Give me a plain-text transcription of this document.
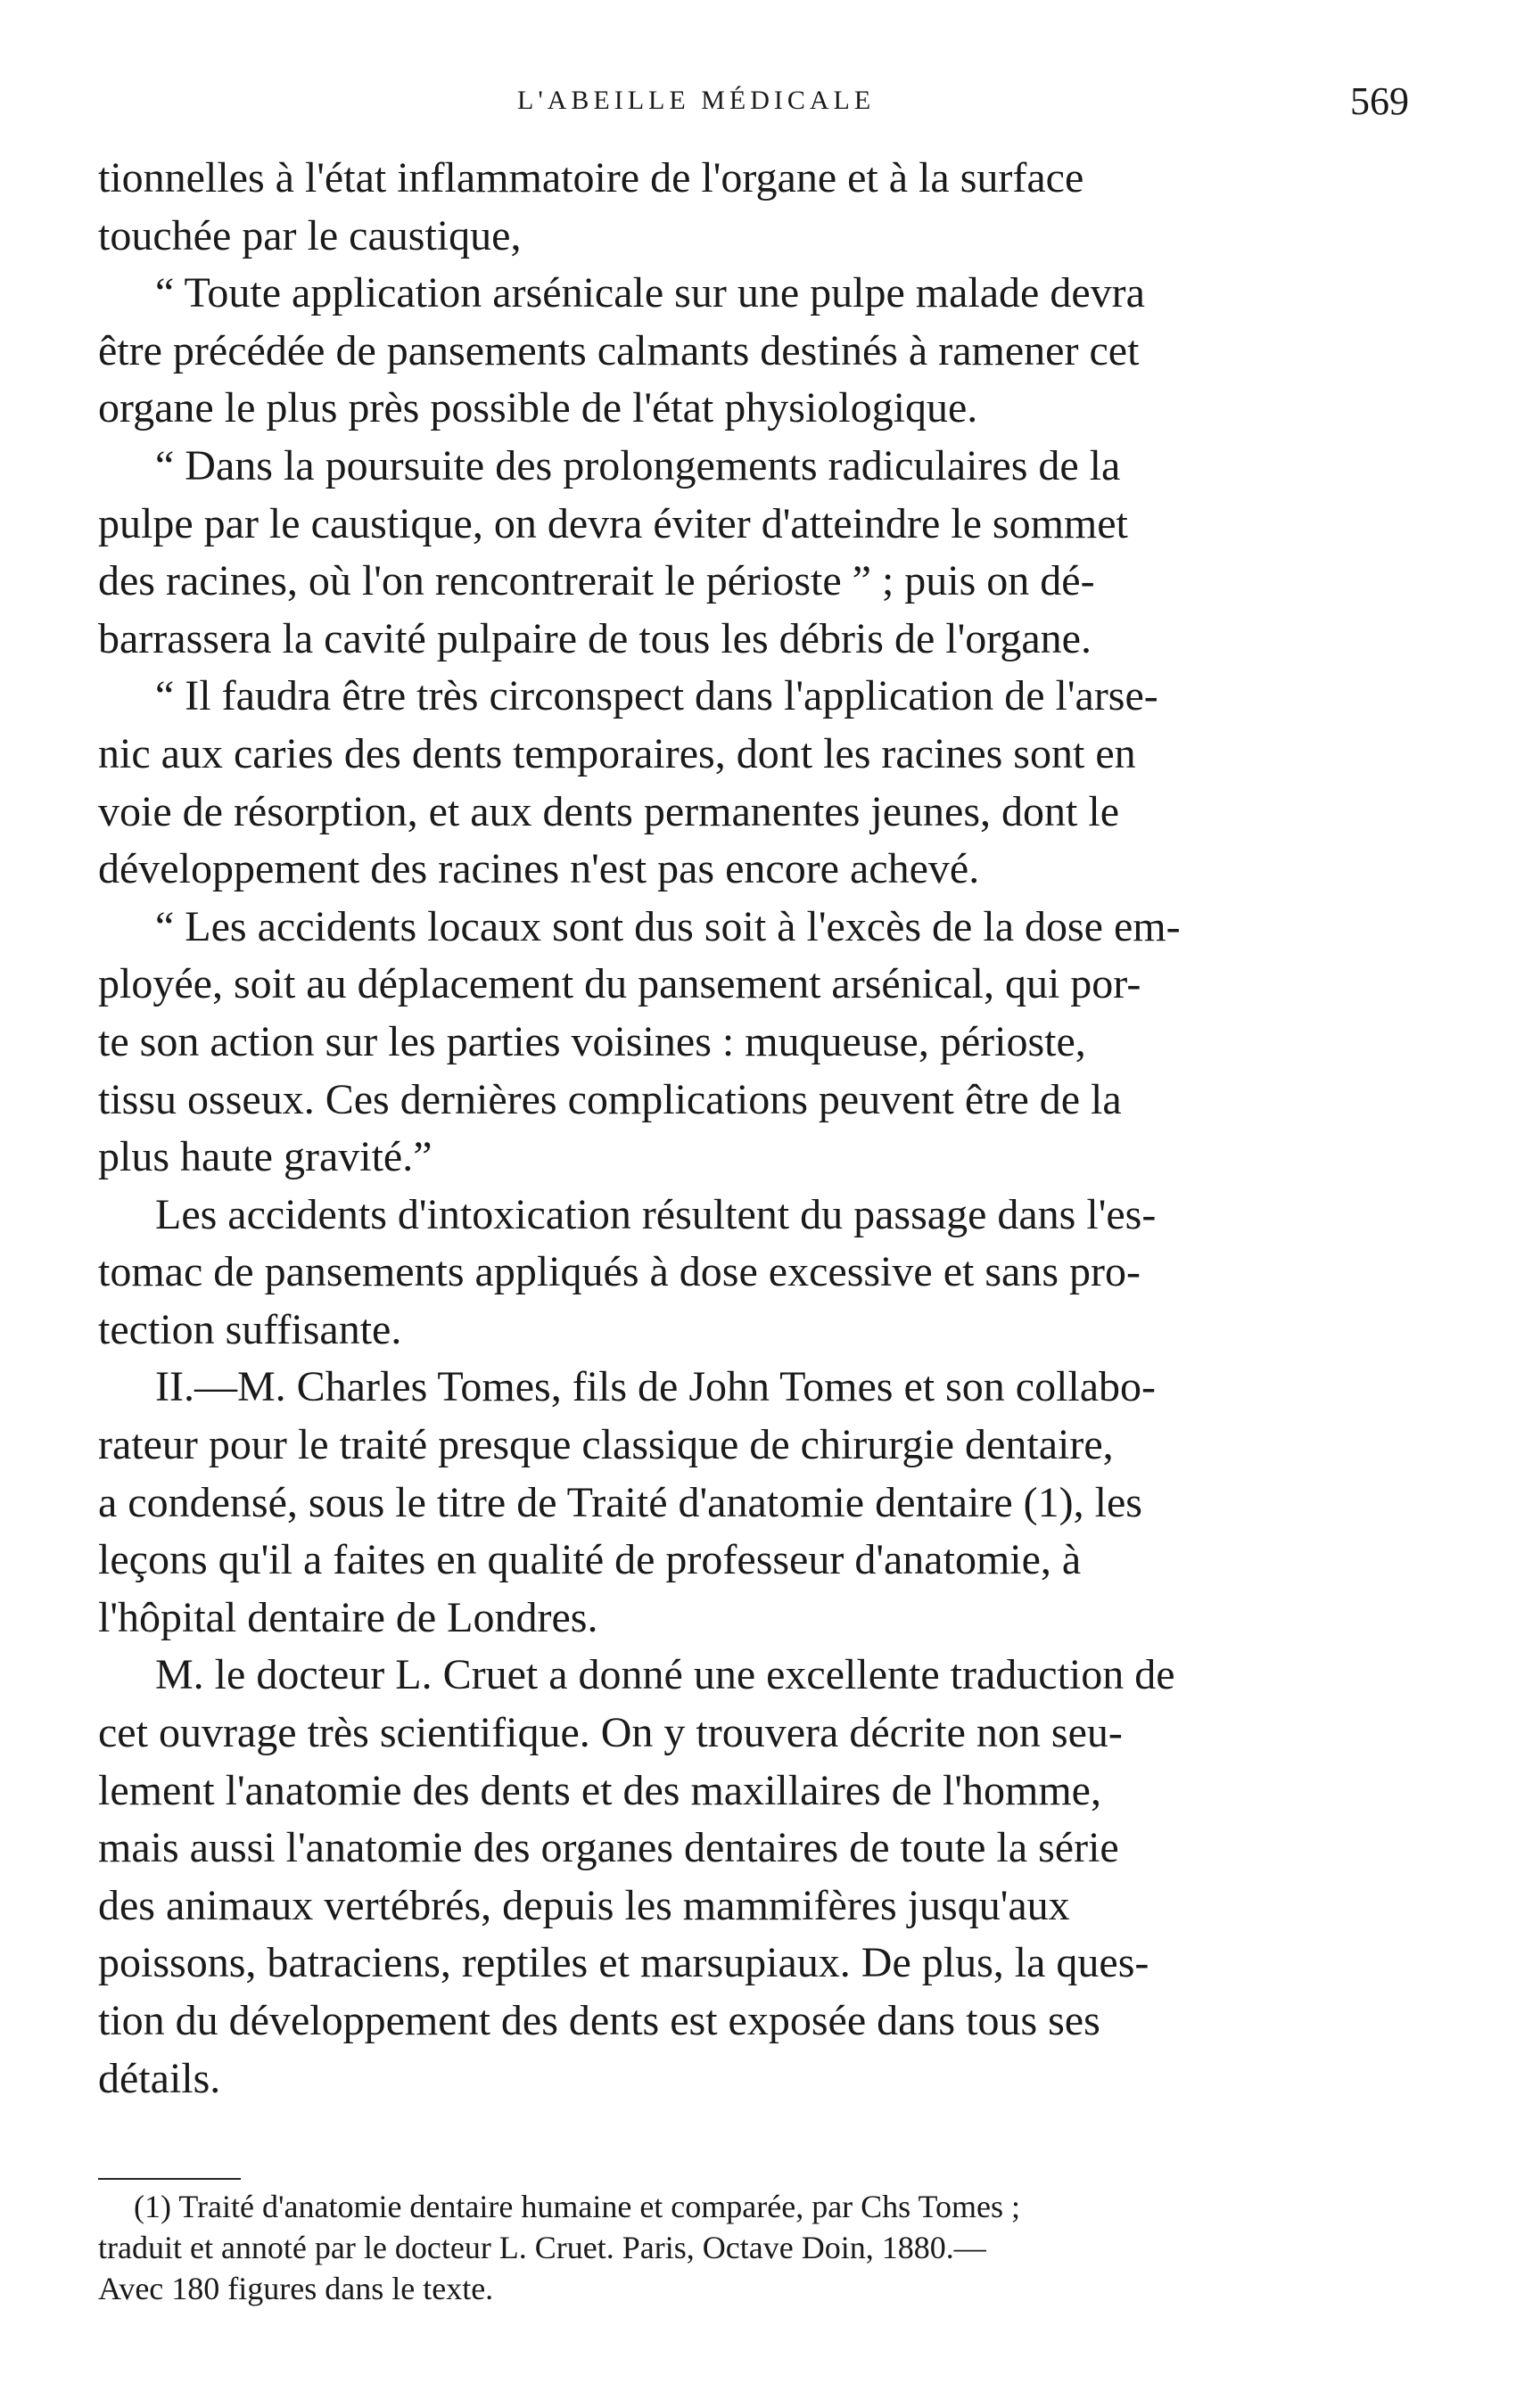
L'ABEILLE MÉDICALE	569
tionnelles à l'état inflammatoire de l'organe et à la surface
touchée par le caustique,
“ Toute application arsénicale sur une pulpe malade devra
être précédée de pansements calmants destinés à ramener cet
organe le plus près possible de l'état physiologique.
“ Dans la poursuite des prolongements radiculaires de la
pulpe par le caustique, on devra éviter d'atteindre le sommet
des racines, où l'on rencontrerait le périoste ” ; puis on dé-
barrassera la cavité pulpaire de tous les débris de l'organe.
“ Il faudra être très circonspect dans l'application de l'arse-
nic aux caries des dents temporaires, dont les racines sont en
voie de résorption, et aux dents permanentes jeunes, dont le
développement des racines n'est pas encore achevé.
“ Les accidents locaux sont dus soit à l'excès de la dose em-
ployée, soit au déplacement du pansement arsénical, qui por-
te son action sur les parties voisines : muqueuse, périoste,
tissu osseux. Ces dernières complications peuvent être de la
plus haute gravité.”
Les accidents d'intoxication résultent du passage dans l'es-
tomac de pansements appliqués à dose excessive et sans pro-
tection suffisante.
II.—M. Charles Tomes, fils de John Tomes et son collabo-
rateur pour le traité presque classique de chirurgie dentaire,
a condensé, sous le titre de Traité d'anatomie dentaire (1), les
leçons qu'il a faites en qualité de professeur d'anatomie, à
l'hôpital dentaire de Londres.
M. le docteur L. Cruet a donné une excellente traduction de
cet ouvrage très scientifique. On y trouvera décrite non seu-
lement l'anatomie des dents et des maxillaires de l'homme,
mais aussi l'anatomie des organes dentaires de toute la série
des animaux vertébrés, depuis les mammifères jusqu'aux
poissons, batraciens, reptiles et marsupiaux. De plus, la ques-
tion du développement des dents est exposée dans tous ses
détails.
(1) Traité d'anatomie dentaire humaine et comparée, par Chs Tomes ;
traduit et annoté par le docteur L. Cruet. Paris, Octave Doin, 1880.—
Avec 180 figures dans le texte.
